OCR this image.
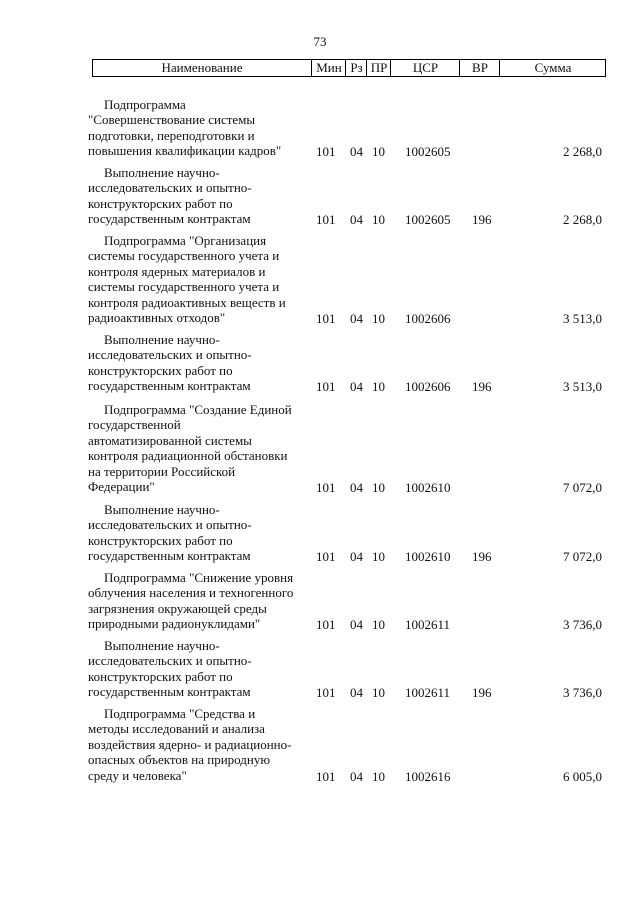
73
Наименование	Мин Рз ПР	ЦСР	ВР	Сумма
Подпрограмма
"Совершенствование системы
подготовки, переподготовки и
повышения квалификации кадров"	101 04 10 1002605	2 268,0
Выполнение научно-
исследовательских и опытно-
конструкторских работ по
государственным контрактам	101 04 10 1002605 196	2 268,0
Подпрограмма "Организация
системы государственного учета и
контроля ядерных материалов и
системы государственного учета и
контроля радиоактивных веществ и
радиоактивных отходов"	101 04 10 1002606	3 513,0
Выполнение научно-
исследовательских и опытно-
конструкторских работ по
государственным контрактам	101 04 10 1002606 196	3 513,0
Подпрограмма "Создание Единой
государственной
автоматизированной системы
контроля радиационной обстановки
на территории Российской
Федерации"	101 04 10 1002610	7 072,0
Выполнение научно-
исследовательских и опытно-
конструкторских работ по
государственным контрактам	101 04 10 1002610 196	7 072,0
Подпрограмма "Снижение уровня
облучения населения и техногенного
загрязнения окружающей среды
природными радионуклидами"	101 04 10 1002611	3 736,0
Выполнение научно-
исследовательских и опытно-
конструкторских работ по
государственным контрактам	101 04 10 1002611 196	3 736,0
Подпрограмма "Средства и
методы исследований и анализа
воздействия ядерно- и радиационно-
опасных объектов на природную
среду и человека"	101 04 10 1002616	6 005,0
